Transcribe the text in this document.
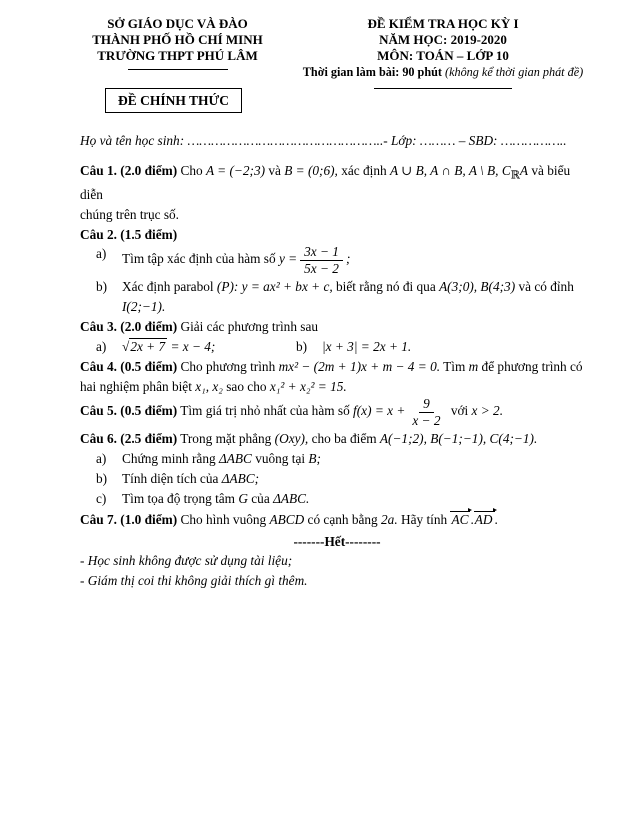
SỞ GIÁO DỤC VÀ ĐÀO
THÀNH PHỐ HỒ CHÍ MINH
TRƯỜNG THPT PHÚ LÂM
ĐỀ KIỂM TRA HỌC KỲ I
NĂM HỌC: 2019-2020
MÔN: TOÁN – LỚP 10
Thời gian làm bài: 90 phút (không kể thời gian phát đề)
ĐỀ CHÍNH THỨC
Họ và tên học sinh: …………………………………………..- Lớp: ……… – SBD: ……………..
Câu 1. (2.0 điểm) Cho A = (−2;3) và B = (0;6), xác định A ∪ B, A ∩ B, A \ B, $C_ℝA$ và biểu diễn
chúng trên trục số.
Câu 2. (1.5 điểm)
a)	Tìm tập xác định của hàm số $y = \frac{3x - 1}{5x - 2}$ ;
b)	Xác định parabol (P): y = ax² + bx + c, biết rằng nó đi qua A(3;0), B(4;3) và có đỉnh
I(2;−1).
Câu 3. (2.0 điểm) Giải các phương trình sau
a)	√2x + 7 = x − 4;	b)	|x + 3| = 2x + 1.
Câu 4. (0.5 điểm) Cho phương trình mx² − (2m + 1)x + m − 4 = 0. Tìm m để phương trình có
hai nghiệm phân biệt x₁, x₂ sao cho x₁² + x₂² = 15.
Câu 5. (0.5 điểm) Tìm giá trị nhỏ nhất của hàm số $f(x) = x + \frac{9}{x - 2}$ với x > 2.
Câu 6. (2.5 điểm) Trong mặt phẳng (Oxy), cho ba điểm A(−1;2), B(−1;−1), C(4;−1).
a)	Chứng minh rằng ΔABC vuông tại B;
b)	Tính diện tích của ΔABC;
c)	Tìm tọa độ trọng tâm G của ΔABC.
Câu 7. (1.0 điểm) Cho hình vuông ABCD có cạnh bằng 2a. Hãy tính AC .AD .
-------Hết--------
- Học sinh không được sử dụng tài liệu;
- Giám thị coi thi không giải thích gì thêm.
